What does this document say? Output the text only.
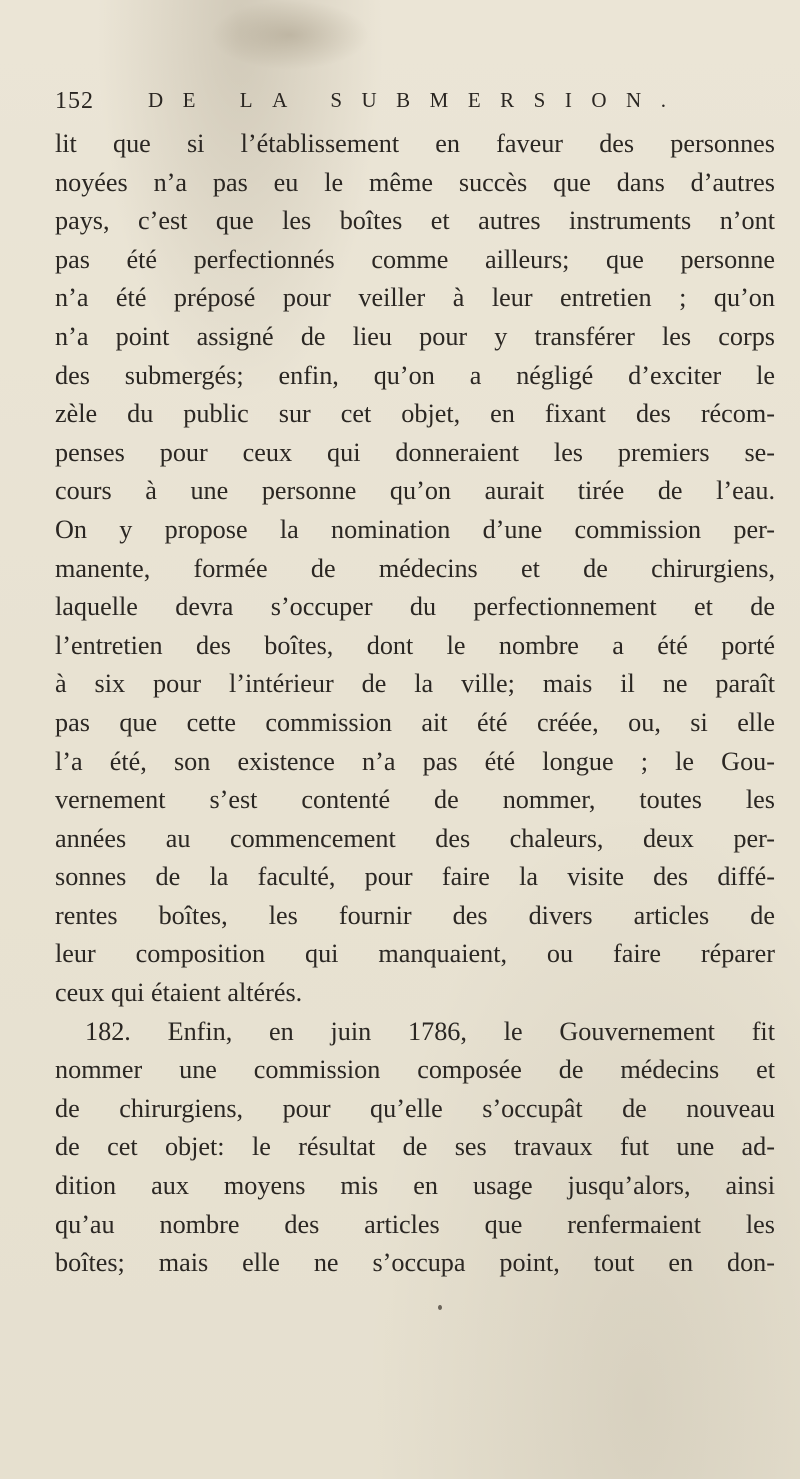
152	DE LA SUBMERSION.
lit que si l’établissement en faveur des personnes
noyées n’a pas eu le même succès que dans d’autres
pays, c’est que les boîtes et autres instruments n’ont
pas été perfectionnés comme ailleurs; que personne
n’a été préposé pour veiller à leur entretien ; qu’on
n’a point assigné de lieu pour y transférer les corps
des submergés; enfin, qu’on a négligé d’exciter le
zèle du public sur cet objet, en fixant des récom-
penses pour ceux qui donneraient les premiers se-
cours à une personne qu’on aurait tirée de l’eau.
On y propose la nomination d’une commission per-
manente, formée de médecins et de chirurgiens,
laquelle devra s’occuper du perfectionnement et de
l’entretien des boîtes, dont le nombre a été porté
à six pour l’intérieur de la ville; mais il ne paraît
pas que cette commission ait été créée, ou, si elle
l’a été, son existence n’a pas été longue ; le Gou-
vernement s’est contenté de nommer, toutes les
années au commencement des chaleurs, deux per-
sonnes de la faculté, pour faire la visite des diffé-
rentes boîtes, les fournir des divers articles de
leur composition qui manquaient, ou faire réparer
ceux qui étaient altérés.
182. Enfin, en juin 1786, le Gouvernement fit
nommer une commission composée de médecins et
de chirurgiens, pour qu’elle s’occupât de nouveau
de cet objet: le résultat de ses travaux fut une ad-
dition aux moyens mis en usage jusqu’alors, ainsi
qu’au nombre des articles que renfermaient les
boîtes; mais elle ne s’occupa point, tout en don-
